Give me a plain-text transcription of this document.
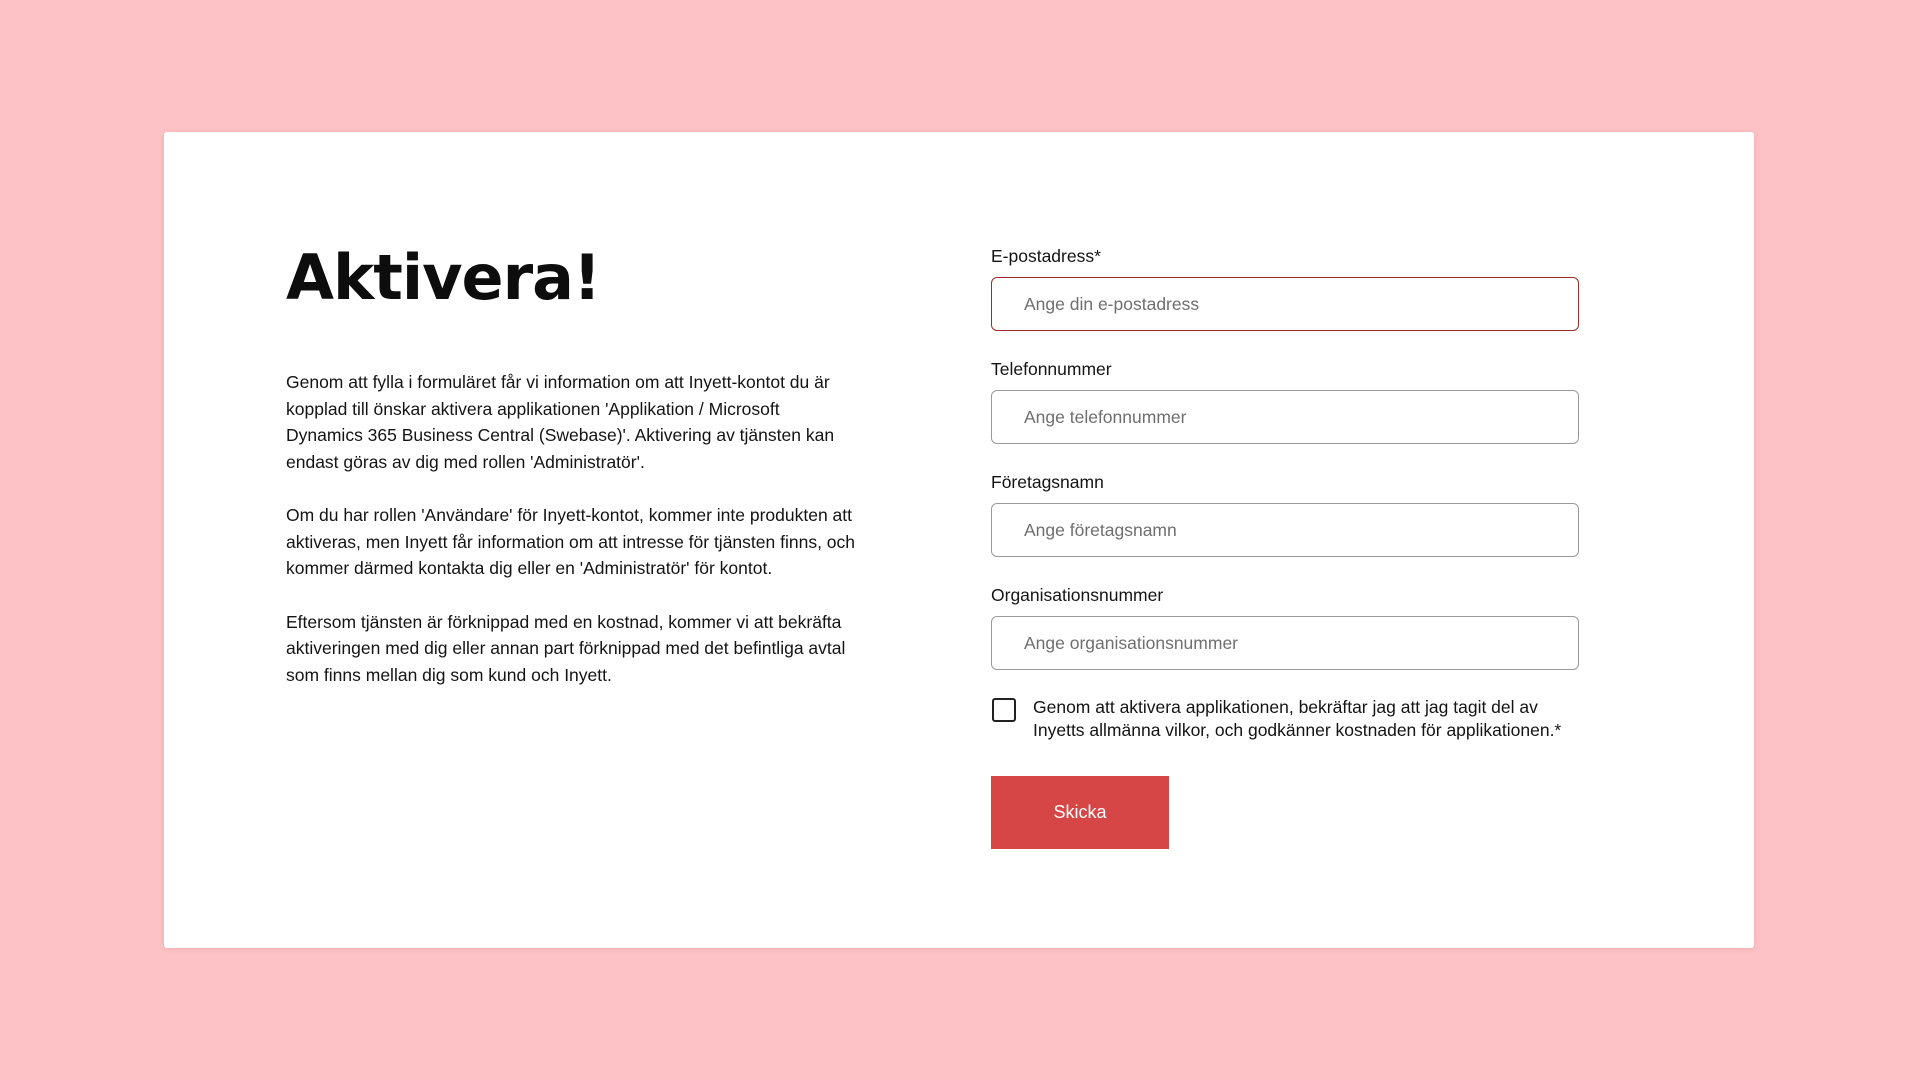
Aktivera!

Genom att fylla i formuläret får vi information om att Inyett-kontot du är kopplad till önskar aktivera applikationen 'Applikation / Microsoft Dynamics 365 Business Central (Swebase)'. Aktivering av tjänsten kan endast göras av dig med rollen 'Administratör'.

Om du har rollen 'Användare' för Inyett-kontot, kommer inte produkten att aktiveras, men Inyett får information om att intresse för tjänsten finns, och kommer därmed kontakta dig eller en 'Administratör' för kontot.

Eftersom tjänsten är förknippad med en kostnad, kommer vi att bekräfta aktiveringen med dig eller annan part förknippad med det befintliga avtal som finns mellan dig som kund och Inyett.

E-postadress*
Ange din e-postadress
Telefonnummer
Ange telefonnummer
Företagsnamn
Ange företagsnamn
Organisationsnummer
Ange organisationsnummer
Genom att aktivera applikationen, bekräftar jag att jag tagit del av Inyetts allmänna vilkor, och godkänner kostnaden för applikationen.*
Skicka
